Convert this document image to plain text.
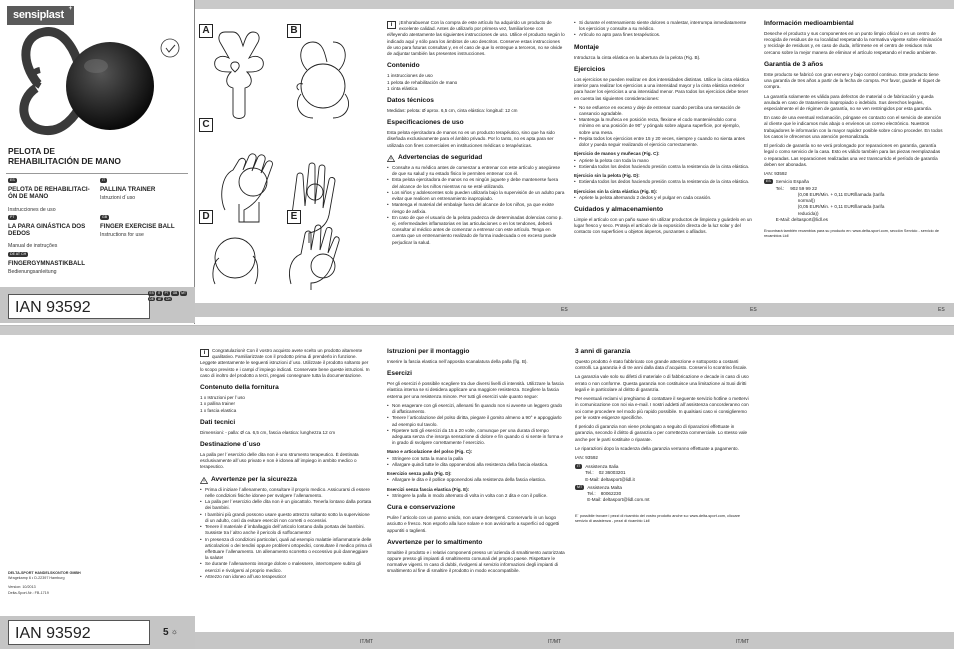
sensiplast +
PELOTA DE REHABILITACIÓN DE MANO
ES
PELOTA DE REHABILITACI-ÓN DE MANO
Instrucciones de uso
IT
PALLINA TRAINER
Istruzioni d´uso
PT
LA PARA GINÁSTICA DOS DEDOS
Manual de instruções
GB
FINGER EXERCISE BALL
Instructions for use
DE AT CH
FINGERGYMNASTIKBALL
Bedienungsanleitung
IAN 93592
ES	IT	PT	GB	MT
DE	AT	CH
A	B
C
D	E

i	¡Enhorabuena! Con la compra de este artículo ha adquirido un producto de excelente calidad. Antes de utilizarlo por primera vez, familiarícese con el/leyendo atentamente las siguientes instrucciones de uso. Utilice el producto según lo indicado aquí y sólo para los ámbitos de uso descritos. Conserve estas instrucciones de uso para futuras consultas y, en el caso de que lo entregue a terceros, no se olvide de adjuntar también las presentes instrucciones.

Contenido
1 instrucciones de uso
1 pelota de rehabilitación de mano
1 cinta elástica
Datos técnicos

Medidas: pelota: Ø aprox. 6,5 cm, cinta elástica: longitud: 12 cm

Especificaciones de uso

Esta pelota ejercitadora de manos no es un producto terapéutico, sino que ha sido diseñada exclusivamente para el ámbito privado. Por lo tanto, no es apta para ser utilizada con fines comerciales en instituciones médicas o terapéuticas.

Advertencias de seguridad
• Consulte a su médico antes de comenzar a entrenar con este artículo y asegúrese de que su salud y su estado físico le permiten entrenar con él.
• Esta pelota ejercitadora de manos no es ningún juguete y debe mantenerse fuera del alcance de los niños mientras no se esté utilizando.
• Los niños y adolescentes solo pueden utilizarla bajo la supervisión de un adulto para evitar que realicen un entrenamiento inapropiado.
• Mantenga el material del embalaje fuera del alcance de los niños, ya que existe riesgo de asfixia.
• En caso de que el usuario de la pelota padezca de determinadas dolencias como p. ej. enfermedades inflamatorias en las articulaciones o en los tendones, deberá consultar al médico antes de comenzar a entrenar con este artículo. Tenga en cuenta que un entrenamiento realizado de forma inadecuada o en exceso puede perjudicar la salud.
• Si durante el entrenamiento siente dolores o malestar, interrumpa inmediatamente los ejercicios y consulte a su médico.
• Artículo no apto para fines terapéuticos.
Montaje

Introduzca la cinta elástica en la abertura de la pelota (Fig. B).

Ejercicios

Los ejercicios se pueden realizar en dos intensidades distintas. Utilice la cinta elástica interior para realizar los ejercicios a una intensidad mayor y la cinta elástica exterior para hacer los ejercicios a una intensidad menor. Para todos los ejercicios debe tener en cuenta las siguientes consideraciones:

• No se esfuerce en exceso y deje de entrenar cuando perciba una sensación de cansancio agradable.
• Mantenga la muñeca en posición recta, flexione el codo manteniéndolo como mínimo en una posición de 90° y póngalo sobre alguna superficie, por ejemplo, sobre una mesa.
• Repita todos los ejercicios entre 15 y 20 veces, siempre y cuando no sienta antes dolor y pueda seguir realizando el ejercicio correctamente.
Ejercicio de manos y muñecas (Fig. C):
• Apriete la pelota con toda la mano
• Extienda todos los dedos haciendo presión contra la resistencia de la cinta elástica.
Ejercicio sin la pelota (Fig. D):
• Extienda todos los dedos haciendo presión contra la resistencia de la cinta elástica.
Ejercicios sin la cinta elástica (Fig. E):
• Apriete la pelota alternando 2 dedos y el pulgar en cada ocasión.
Cuidados y almacenamiento

Limpie el artículo con un paño suave sin utilizar productos de limpieza y guárdelo en un lugar fresco y seco. Proteja el artículo de la exposición directa de la luz solar y del contacto con superficies u objetos ásperos, punzantes o afilados.

Información medioambiental

Deseche el producto y sus componentes en un punto limpio oficial o en un centro de recogida de residuos de su localidad respetando la normativa vigente sobre eliminación y reciclaje de residuos y, en caso de duda, infórmese en el centro de residuos más cercano sobre la mejor manera de eliminar el artículo respetando el medio ambiente.

Garantía de 3 años

Este producto se fabricó con gran esmero y bajo control continuo. Este producto tiene una garantía de tres años a partir de la fecha de compra. Por favor, guarde el tíquet de compra.

La garantía solamente es válida para defectos de material o de fabricación y queda anulada en caso de tratamiento inapropiado o indebido. Sus derechos legales, especialmente el de régimen de garantía, no se ven restringidos por esta garantía.

En caso de una eventual reclamación, póngase en contacto con el servicio de atención al cliente que le indicamos más abajo o envíenos un correo electrónico. Nuestros trabajadores le informarán con la mayor rapidez posible sobre cómo proceder. En todos los casos le ofrecemos una atención personalizada.

El período de garantía no se verá prolongado por reparaciones en garantía, garantía legal o como servicio de la casa. Esto es válido también para las piezas reemplazadas o reparadas. Las reparaciones realizadas una vez transcurrido el período de garantía deben ser abonadas.

IAN: 93592
ES	Servicio España
Tel.: 902 59 99 22
(0,08 EUR/Min. + 0,11 EUR/llamada (tarifa normal))
(0,05 EUR/Min. + 0,11 EUR/llamada (tarifa reducida))
E-Mail: deltasport@lidl.es

Encontrará también recambios para su producto en: www.delta-sport.com, sección Servicio - servicio de recambios Lidl

ES	ES	ES
DELTA-SPORT HANDELSKONTOR GMBH
Wragekamp 6 • D-22397 Hamburg
Version: 10/2013
Delta-Sport-Nr.: FB-1719
IAN 93592	5 ☼

i	Congratulazioni! Con il vostro acquisto avete scelto un prodotto altamente qualitativo. Familiarizzate con il prodotto prima di prenderlo in funzione. Leggete attentamente le seguenti istruzioni d´uso. Utilizzate il prodotto soltanto per lo scopo previsto e i campi d´impiego indicati. Conservate bene queste istruzioni. In caso di inoltro del prodotto a terzi, pregasi consegnare tutta la documentazione.

Contenuto della fornitura
1 x Istruzioni per l´uso
1 x pallina trainer
1 x fascia elastica
Dati tecnici

Dimensioni: - palla: Ø ca. 6,5 cm, fascia elastica: lunghezza 12 cm

Destinazione d´uso

La palla per l´esercizio delle dita non è uno strumento terapeutico. È destinata esclusivamente all´uso privato e non è idonea all´impiego in ambito medico o terapeutico.

Avvertenze per la sicurezza
• Prima di iniziare l´allenamento, consultare il proprio medico. Assicurarsi di essere nelle condizioni fisiche idonee per svolgere l´allenamento.
• La palla per l´esercizio delle dita non è un giocattolo. Tenerla lontano dalla portata dei bambini.
• I bambini più grandi possono usare questo attrezzo soltanto sotto la supervisione di un adulto, così da evitare esercizi non corretti o eccessivi.
• Tenere il materiale d´imballaggio dell´articolo lontano dalla portata dei bambini. Sussiste tra l´altro anche il pericolo di soffocamento!
• In presenza di condizioni particolari, quali ad esempio malattie infiammatorie delle articolazioni o dei tendini oppure problemi ortopedici, consultare il medico prima di effettuare l´allenamento. Un allenamento scorretto o eccessivo può danneggiare la salute!
• Se durante l´allenamento insorge dolore o malessere, interrompere subito gli esercizi e rivolgersi al proprio medico.
• Attrezzo non idoneo all´uso terapeutico!
Istruzioni per il montaggio

Inserire la fascia elastica nell´apposita scanalatura della palla (fig. B).

Esercizi

Per gli esercizi è possibile scegliere tra due diversi livelli di intensità. Utilizzare la fascia elastica interna se si desidera applicare una maggiore resistenza. Scegliere la fascia esterna per una resistenza minore. Per tutti gli esercizi vale quanto segue:

• Non esagerare con gli esercizi, allenarsi fin quando non si avverte un leggero grado di affaticamento.
• Tenere l´articolazione del polso diritta, piegare il gomito almeno a 90° e appoggiarlo ad esempio sul tavolo.
• Ripetere tutti gli esercizi da 15 a 20 volte, comunque per una durata di tempo adeguata senza che insorga sensazione di dolore e fin quando ci si sente in forma e in grado di svolgere correttamente l´esercizio.
Mano e articolazione del polso (Fig. C):
• Stringere con tutta la mano la palla
• Allargare quindi tutte le dita opponendosi alla resistenza della fascia elastica.
Esercizio senza palla (Fig. D):
• Allargare le dita e il pollice opponendosi alla resistenza della fascia elastica.
Esercizi senza fascia elastica (Fig. E):
• Stringere la palla in modo alternato di volta in volta con 2 dita e con il pollice.
Cura e conservazione

Pulire l´articolo con un panno umido, non usare detergenti. Conservarlo in un luogo asciutto e fresco. Non esporlo alla luce solare e non avvicinarlo a superfici od oggetti appuntiti o taglienti.

Avvertenze per lo smaltimento

Smaltire il prodotto e i relativi componenti presso un´azienda di smaltimento autorizzata oppure presso gli impianti di smaltimento comunali del proprio paese. Rispettare le normative vigenti. In caso di dubbi, rivolgersi al servizio informazioni degli impianti di smaltimento al fine di smaltire il prodotto in modo ecocompatibile.

3 anni di garanzia

Questo prodotto è stato fabbricato con grande attenzione e sottoposto a costanti controlli. La garanzia è di tre anni dalla data d´acquisto. Conservi lo scontrino fiscale.

La garanzia vale solo su difetti di materiale o di fabbricazione e decade in caso di uso errato o non conforme. Questa garanzia non costituisce una limitazione ai Suoi diritti legali e in particolare al diritto di garanzia.

Per eventuali reclami vi preghiamo di contattare il seguente servizio hotline o mettervi in comunicazione con noi via e-mail. I nostri addetti all´assistenza concorderanno con voi come procedere nel modo più rapido possibile. In qualsiasi caso vi consiglieremo per le vostre esigenze specifiche.

Il periodo di garanzia non viene prolungato a seguito di riparazioni effettuate in garanzia, secondo il diritto di garanzia o per correttezza commerciale. Lo stesso vale anche per le parti sostituite o riparate.

Le riparazioni dopo la scadenza della garanzia verranno effettuate a pagamento.

IAN: 93592
IT	Assistenza Italia
Tel.:    02 36003201
E-Mail: deltasport@lidl.it
MT	Assistenza Malta
Tel.:    80062230
E-Mail: deltasport@lidl.com.mt

E´ possibile trovare i pezzi di ricambio del vostro prodotto anche su: www.delta-sport.com, cliccare servizio di assistenza - pezzi di ricambio Lidl

IT/MT	IT/MT	IT/MT
